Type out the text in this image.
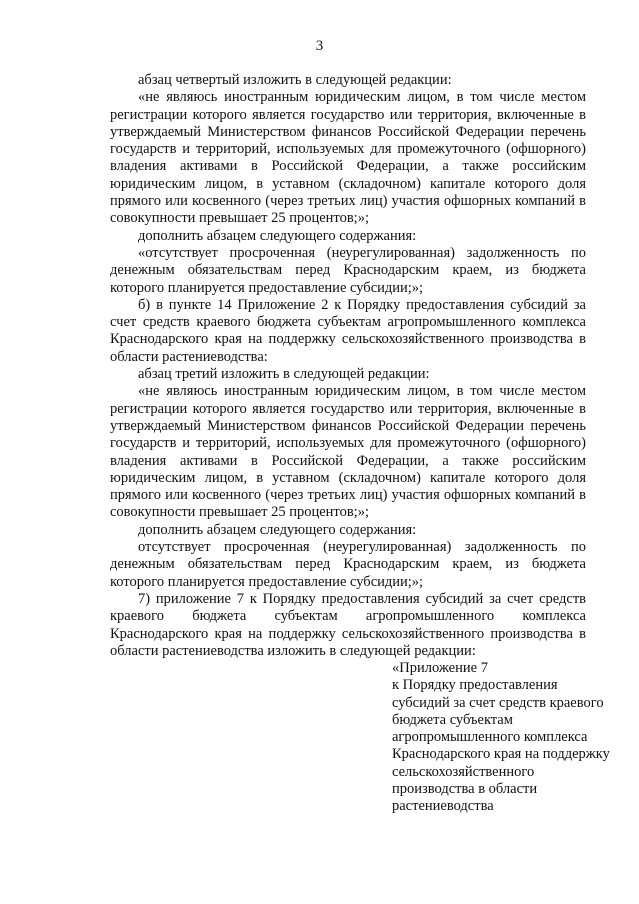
3

абзац четвертый изложить в следующей редакции:

«не являюсь иностранным юридическим лицом, в том числе местом регистрации которого является государство или территория, включенные в утверждаемый Министерством финансов Российской Федерации перечень государств и территорий, используемых для промежуточного (офшорного) владения активами в Российской Федерации, а также российским юридическим лицом, в уставном (складочном) капитале которого доля прямого или косвенного (через третьих лиц) участия офшорных компаний в совокупности превышает 25 процентов;»;

дополнить абзацем следующего содержания:

«отсутствует просроченная (неурегулированная) задолженность по денежным обязательствам перед Краснодарским краем, из бюджета которого планируется предоставление субсидии;»;

б) в пункте 14 Приложение 2 к Порядку предоставления субсидий за счет средств краевого бюджета субъектам агропромышленного комплекса Краснодарского края на поддержку сельскохозяйственного производства в области растениеводства:

абзац третий изложить в следующей редакции:

«не являюсь иностранным юридическим лицом, в том числе местом регистрации которого является государство или территория, включенные в утверждаемый Министерством финансов Российской Федерации перечень государств и территорий, используемых для промежуточного (офшорного) владения активами в Российской Федерации, а также российским юридическим лицом, в уставном (складочном) капитале которого доля прямого или косвенного (через третьих лиц) участия офшорных компаний в совокупности превышает 25 процентов;»;

дополнить абзацем следующего содержания:

отсутствует просроченная (неурегулированная) задолженность по денежным обязательствам перед Краснодарским краем, из бюджета которого планируется предоставление субсидии;»;

7) приложение 7 к Порядку предоставления субсидий за счет средств краевого бюджета субъектам агропромышленного комплекса Краснодарского края на поддержку сельскохозяйственного производства в области растениеводства изложить в следующей редакции:

«Приложение 7
к Порядку предоставления
субсидий за счет средств краевого
бюджета субъектам
агропромышленного комплекса
Краснодарского края на поддержку
сельскохозяйственного
производства в области
растениеводства
